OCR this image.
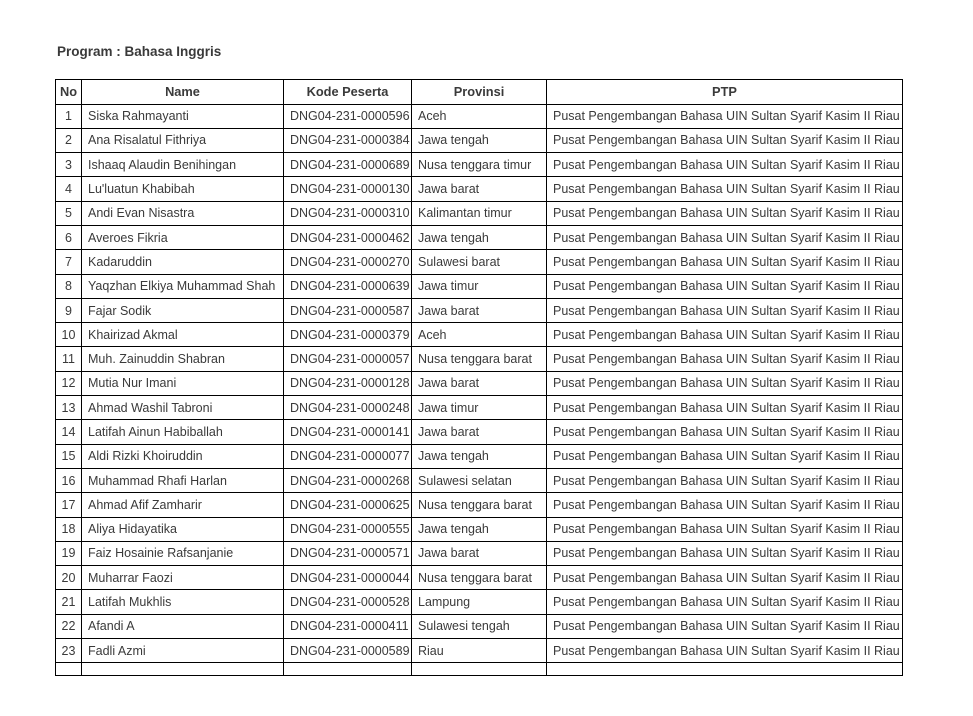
Program : Bahasa Inggris
No	Name	Kode Peserta	Provinsi	PTP
1	Siska Rahmayanti	DNG04-231-0000596	Aceh	Pusat Pengembangan Bahasa UIN Sultan Syarif Kasim II Riau
2	Ana Risalatul Fithriya	DNG04-231-0000384	Jawa tengah	Pusat Pengembangan Bahasa UIN Sultan Syarif Kasim II Riau
3	Ishaaq Alaudin Benihingan	DNG04-231-0000689	Nusa tenggara timur	Pusat Pengembangan Bahasa UIN Sultan Syarif Kasim II Riau
4	Lu'luatun Khabibah	DNG04-231-0000130	Jawa barat	Pusat Pengembangan Bahasa UIN Sultan Syarif Kasim II Riau
5	Andi Evan Nisastra	DNG04-231-0000310	Kalimantan timur	Pusat Pengembangan Bahasa UIN Sultan Syarif Kasim II Riau
6	Averoes Fikria	DNG04-231-0000462	Jawa tengah	Pusat Pengembangan Bahasa UIN Sultan Syarif Kasim II Riau
7	Kadaruddin	DNG04-231-0000270	Sulawesi barat	Pusat Pengembangan Bahasa UIN Sultan Syarif Kasim II Riau
8	Yaqzhan Elkiya Muhammad Shah	DNG04-231-0000639	Jawa timur	Pusat Pengembangan Bahasa UIN Sultan Syarif Kasim II Riau
9	Fajar Sodik	DNG04-231-0000587	Jawa barat	Pusat Pengembangan Bahasa UIN Sultan Syarif Kasim II Riau
10	Khairizad Akmal	DNG04-231-0000379	Aceh	Pusat Pengembangan Bahasa UIN Sultan Syarif Kasim II Riau
11	Muh. Zainuddin Shabran	DNG04-231-0000057	Nusa tenggara barat	Pusat Pengembangan Bahasa UIN Sultan Syarif Kasim II Riau
12	Mutia Nur Imani	DNG04-231-0000128	Jawa barat	Pusat Pengembangan Bahasa UIN Sultan Syarif Kasim II Riau
13	Ahmad Washil Tabroni	DNG04-231-0000248	Jawa timur	Pusat Pengembangan Bahasa UIN Sultan Syarif Kasim II Riau
14	Latifah Ainun Habiballah	DNG04-231-0000141	Jawa barat	Pusat Pengembangan Bahasa UIN Sultan Syarif Kasim II Riau
15	Aldi Rizki Khoiruddin	DNG04-231-0000077	Jawa tengah	Pusat Pengembangan Bahasa UIN Sultan Syarif Kasim II Riau
16	Muhammad Rhafi Harlan	DNG04-231-0000268	Sulawesi selatan	Pusat Pengembangan Bahasa UIN Sultan Syarif Kasim II Riau
17	Ahmad Afif Zamharir	DNG04-231-0000625	Nusa tenggara barat	Pusat Pengembangan Bahasa UIN Sultan Syarif Kasim II Riau
18	Aliya Hidayatika	DNG04-231-0000555	Jawa tengah	Pusat Pengembangan Bahasa UIN Sultan Syarif Kasim II Riau
19	Faiz Hosainie Rafsanjanie	DNG04-231-0000571	Jawa barat	Pusat Pengembangan Bahasa UIN Sultan Syarif Kasim II Riau
20	Muharrar Faozi	DNG04-231-0000044	Nusa tenggara barat	Pusat Pengembangan Bahasa UIN Sultan Syarif Kasim II Riau
21	Latifah Mukhlis	DNG04-231-0000528	Lampung	Pusat Pengembangan Bahasa UIN Sultan Syarif Kasim II Riau
22	Afandi A	DNG04-231-0000411	Sulawesi tengah	Pusat Pengembangan Bahasa UIN Sultan Syarif Kasim II Riau
23	Fadli Azmi	DNG04-231-0000589	Riau	Pusat Pengembangan Bahasa UIN Sultan Syarif Kasim II Riau
